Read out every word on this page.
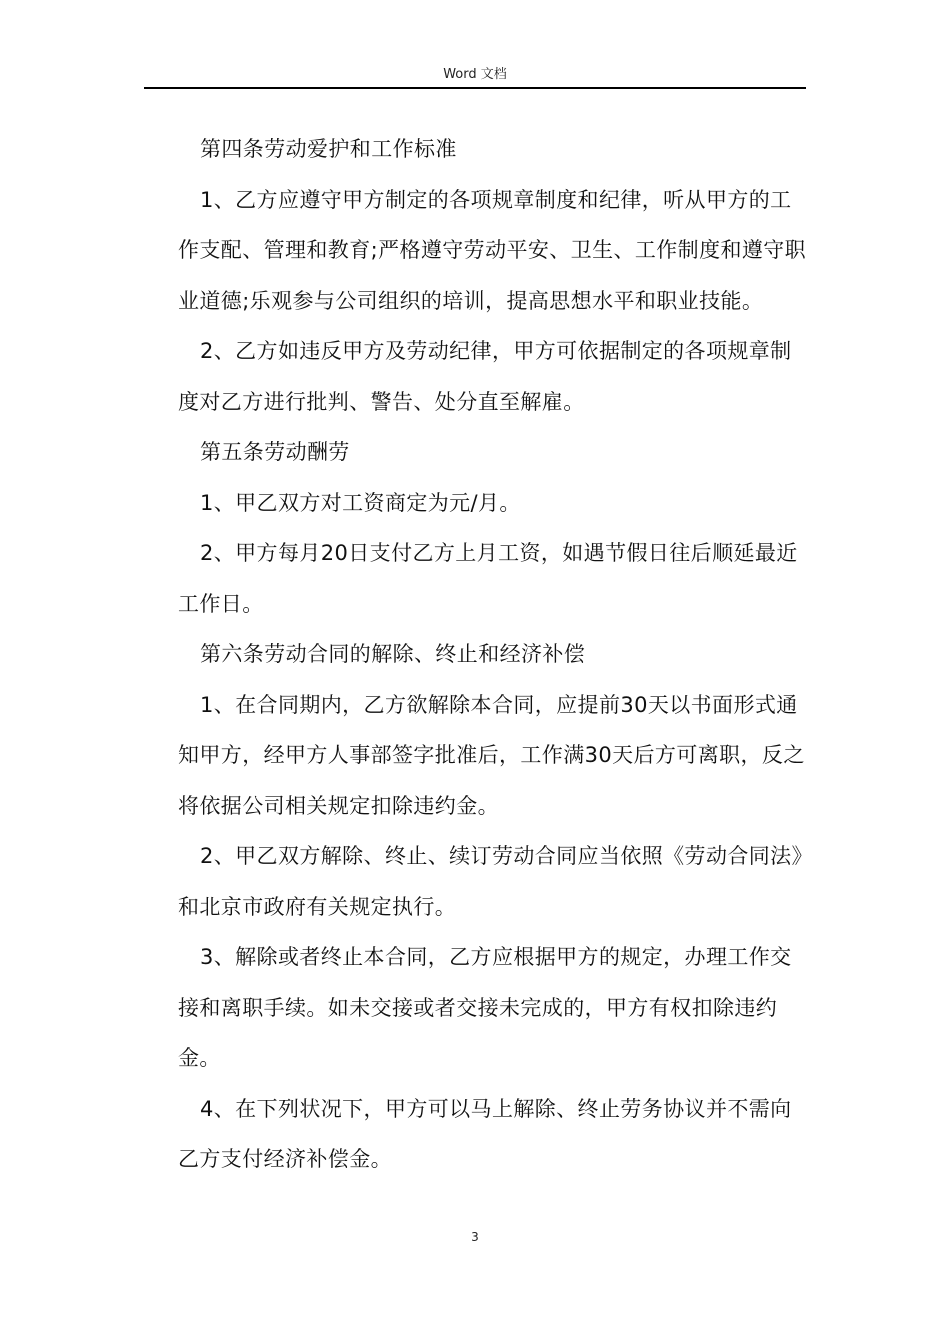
Word 文档

第四条劳动爱护和工作标准

1、乙方应遵守甲方制定的各项规章制度和纪律，听从甲方的工作支配、管理和教育;严格遵守劳动平安、卫生、工作制度和遵守职业道德;乐观参与公司组织的培训，提高思想水平和职业技能。

2、乙方如违反甲方及劳动纪律，甲方可依据制定的各项规章制度对乙方进行批判、警告、处分直至解雇。

第五条劳动酬劳

1、甲乙双方对工资商定为元/月。

2、甲方每月20日支付乙方上月工资，如遇节假日往后顺延最近工作日。

第六条劳动合同的解除、终止和经济补偿

1、在合同期内，乙方欲解除本合同，应提前30天以书面形式通知甲方，经甲方人事部签字批准后，工作满30天后方可离职，反之将依据公司相关规定扣除违约金。

2、甲乙双方解除、终止、续订劳动合同应当依照《劳动合同法》和北京市政府有关规定执行。

3、解除或者终止本合同，乙方应根据甲方的规定，办理工作交接和离职手续。如未交接或者交接未完成的，甲方有权扣除违约金。

4、在下列状况下，甲方可以马上解除、终止劳务协议并不需向乙方支付经济补偿金。

3
